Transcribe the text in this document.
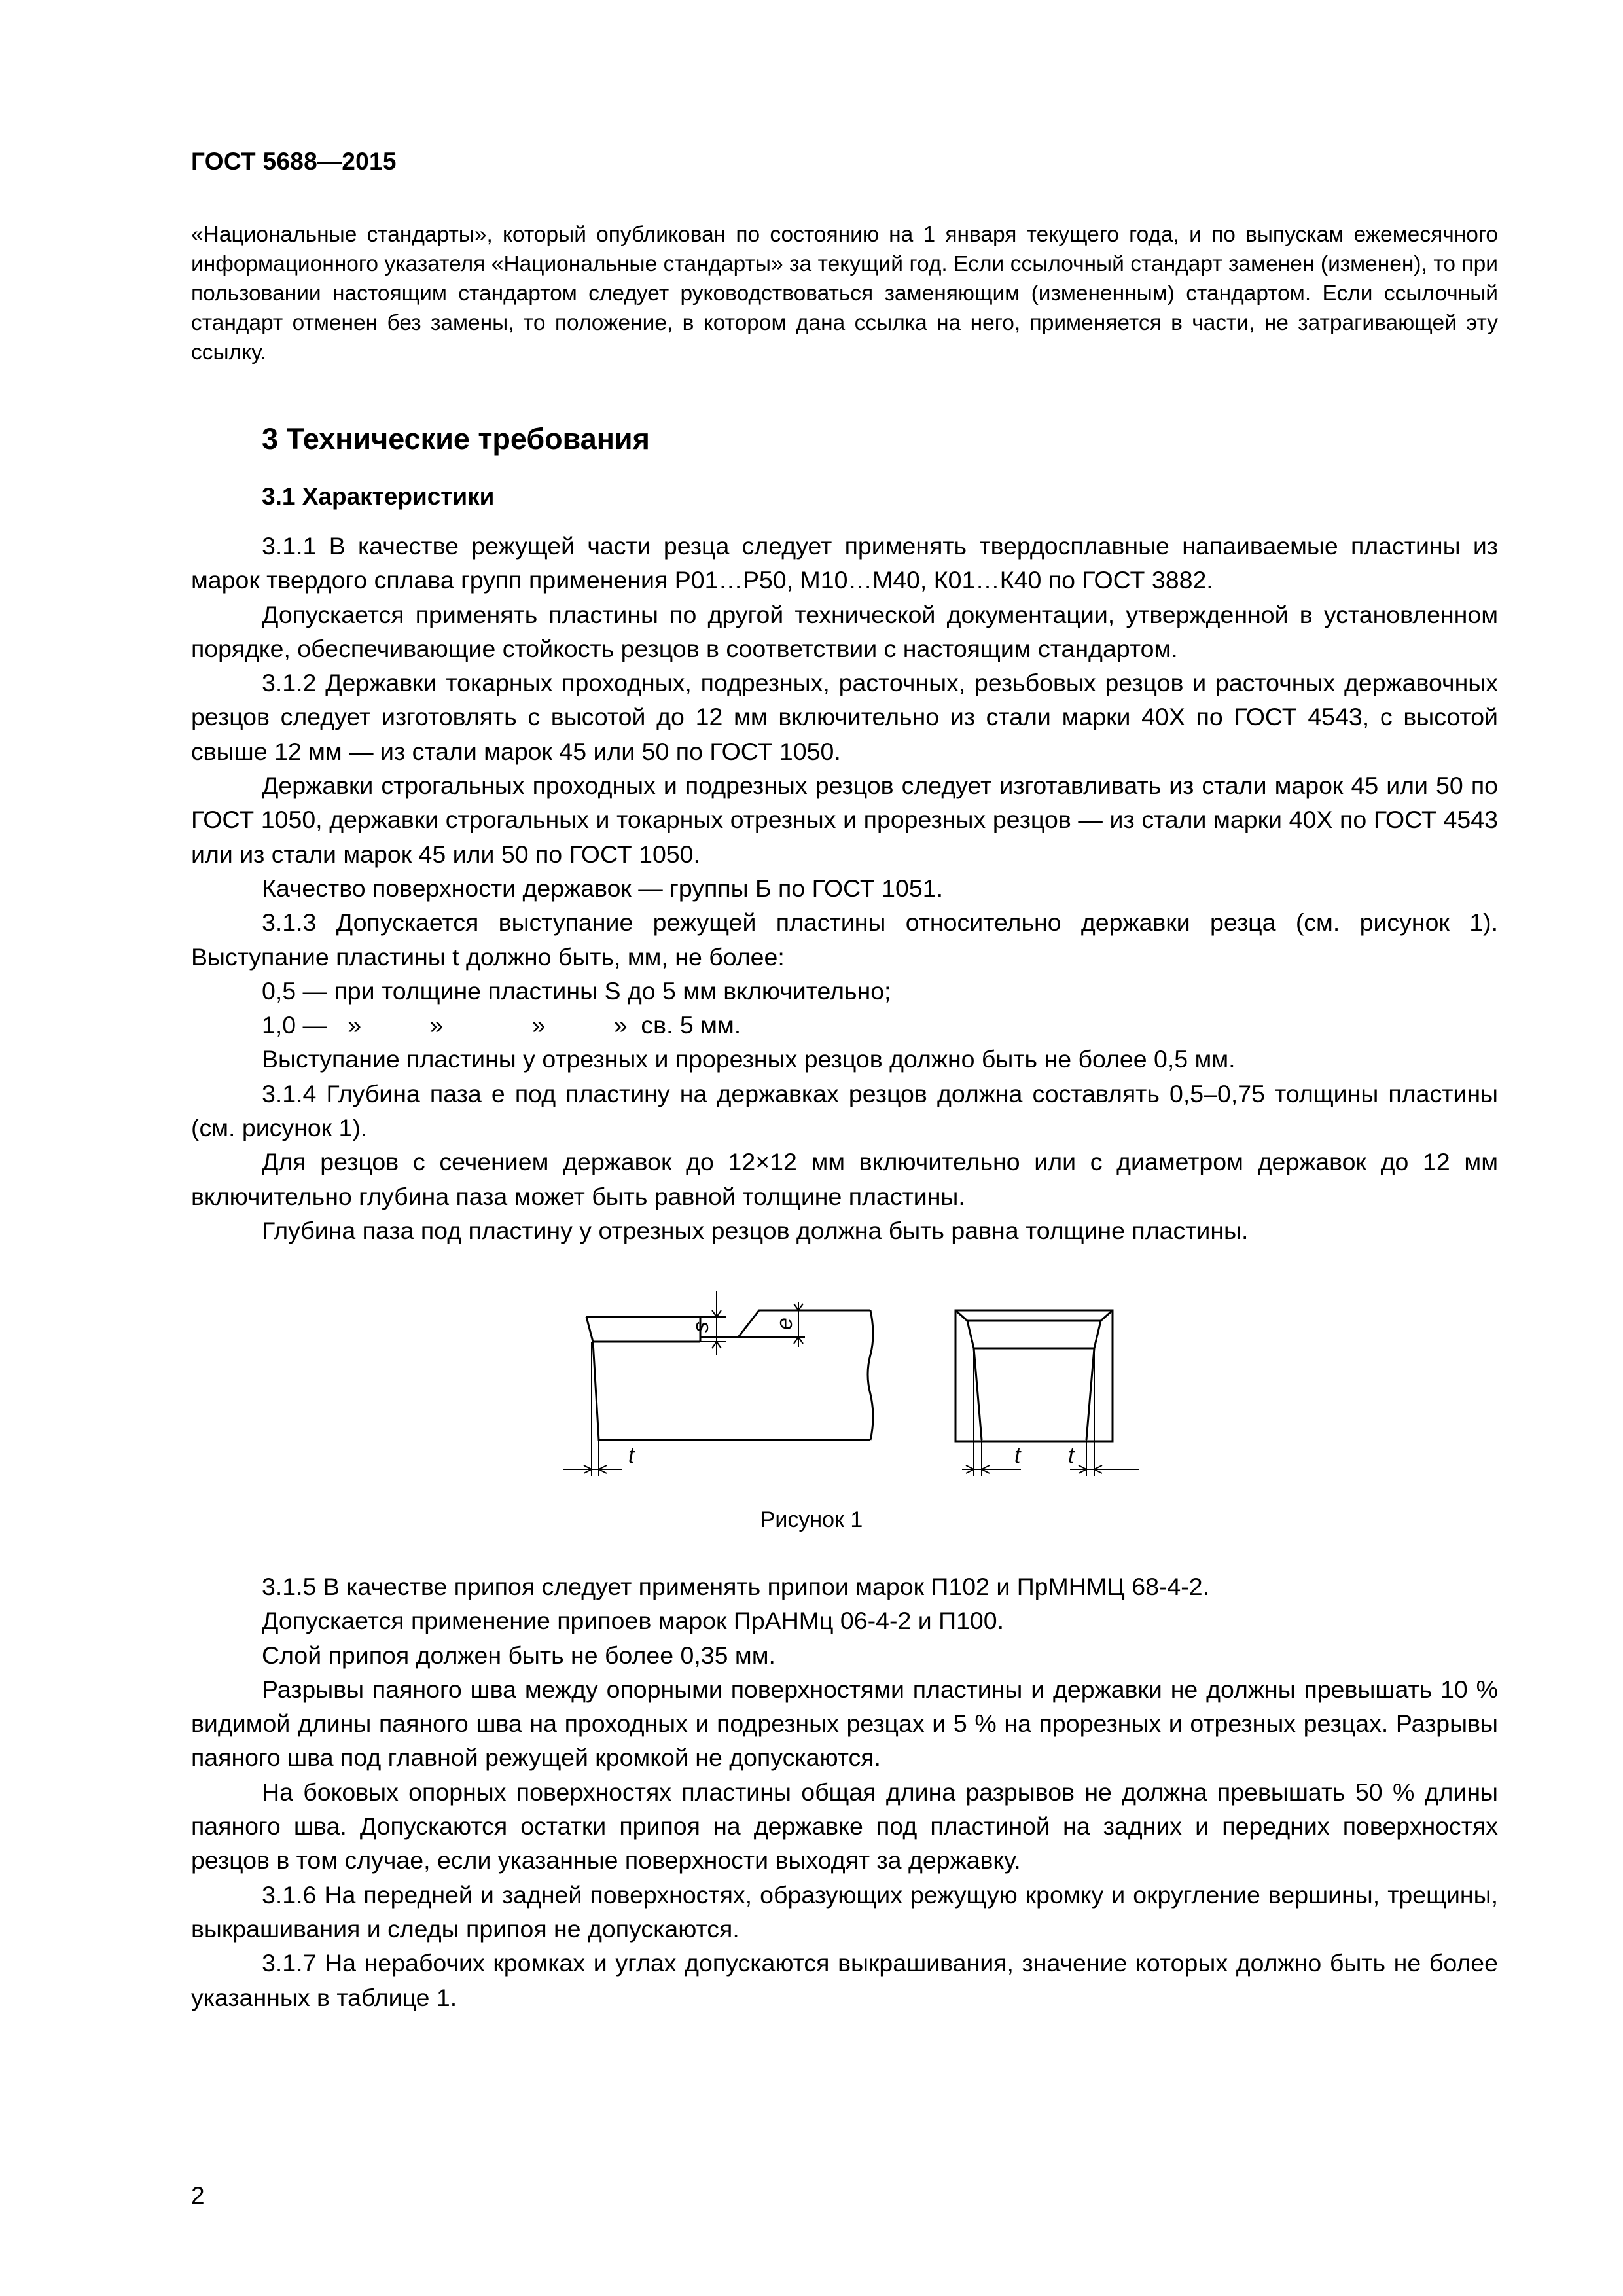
ГОСТ 5688—2015

«Национальные стандарты», который опубликован по состоянию на 1 января текущего года, и по выпускам ежемесячного информационного указателя «Национальные стандарты» за текущий год. Если ссылочный стандарт заменен (изменен), то при пользовании настоящим стандартом следует руководствоваться заменяющим (измененным) стандартом. Если ссылочный стандарт отменен без замены, то положение, в котором дана ссылка на него, применяется в части, не затрагивающей эту ссылку.

3 Технические требования
3.1 Характеристики

3.1.1 В качестве режущей части резца следует применять твердосплавные напаиваемые пластины из марок твердого сплава групп применения Р01…Р50, М10…М40, К01…К40 по ГОСТ 3882.

Допускается применять пластины по другой технической документации, утвержденной в установленном порядке, обеспечивающие стойкость резцов в соответствии с настоящим стандартом.

3.1.2 Державки токарных проходных, подрезных, расточных, резьбовых резцов и расточных державочных резцов следует изготовлять с высотой до 12 мм включительно из стали марки 40Х по ГОСТ 4543, с высотой свыше 12 мм — из стали марок 45 или 50 по ГОСТ 1050.

Державки строгальных проходных и подрезных резцов следует изготавливать из стали марок 45 или 50 по ГОСТ 1050, державки строгальных и токарных отрезных и прорезных резцов — из стали марки 40Х по ГОСТ 4543 или из стали марок 45 или 50 по ГОСТ 1050.

Качество поверхности державок — группы Б по ГОСТ 1051.

3.1.3 Допускается выступание режущей пластины относительно державки резца (см. рисунок 1). Выступание пластины t должно быть, мм, не более:

0,5 — при толщине пластины S до 5 мм включительно;

1,0 —   »          »             »          »  св. 5 мм.

Выступание пластины у отрезных и прорезных резцов должно быть не более 0,5 мм.

3.1.4 Глубина паза е под пластину на державках резцов должна составлять 0,5–0,75 толщины пластины (см. рисунок 1).

Для резцов с сечением державок до 12×12 мм включительно или с диаметром державок до 12 мм включительно глубина паза может быть равной толщине пластины.

Глубина паза под пластину у отрезных резцов должна быть равна толщине пластины.

s	e
t	t t
Рисунок 1

3.1.5 В качестве припоя следует применять припои марок П102 и ПрМНМЦ 68-4-2.

Допускается применение припоев марок ПрАНМц 06-4-2 и П100.

Слой припоя должен быть не более 0,35 мм.

Разрывы паяного шва между опорными поверхностями пластины и державки не должны превышать 10 % видимой длины паяного шва на проходных и подрезных резцах и 5 % на прорезных и отрезных резцах. Разрывы паяного шва под главной режущей кромкой не допускаются.

На боковых опорных поверхностях пластины общая длина разрывов не должна превышать 50 % длины паяного шва. Допускаются остатки припоя на державке под пластиной на задних и передних поверхностях резцов в том случае, если указанные поверхности выходят за державку.

3.1.6 На передней и задней поверхностях, образующих режущую кромку и округление вершины, трещины, выкрашивания и следы припоя не допускаются.

3.1.7 На нерабочих кромках и углах допускаются выкрашивания, значение которых должно быть не более указанных в таблице 1.

2
